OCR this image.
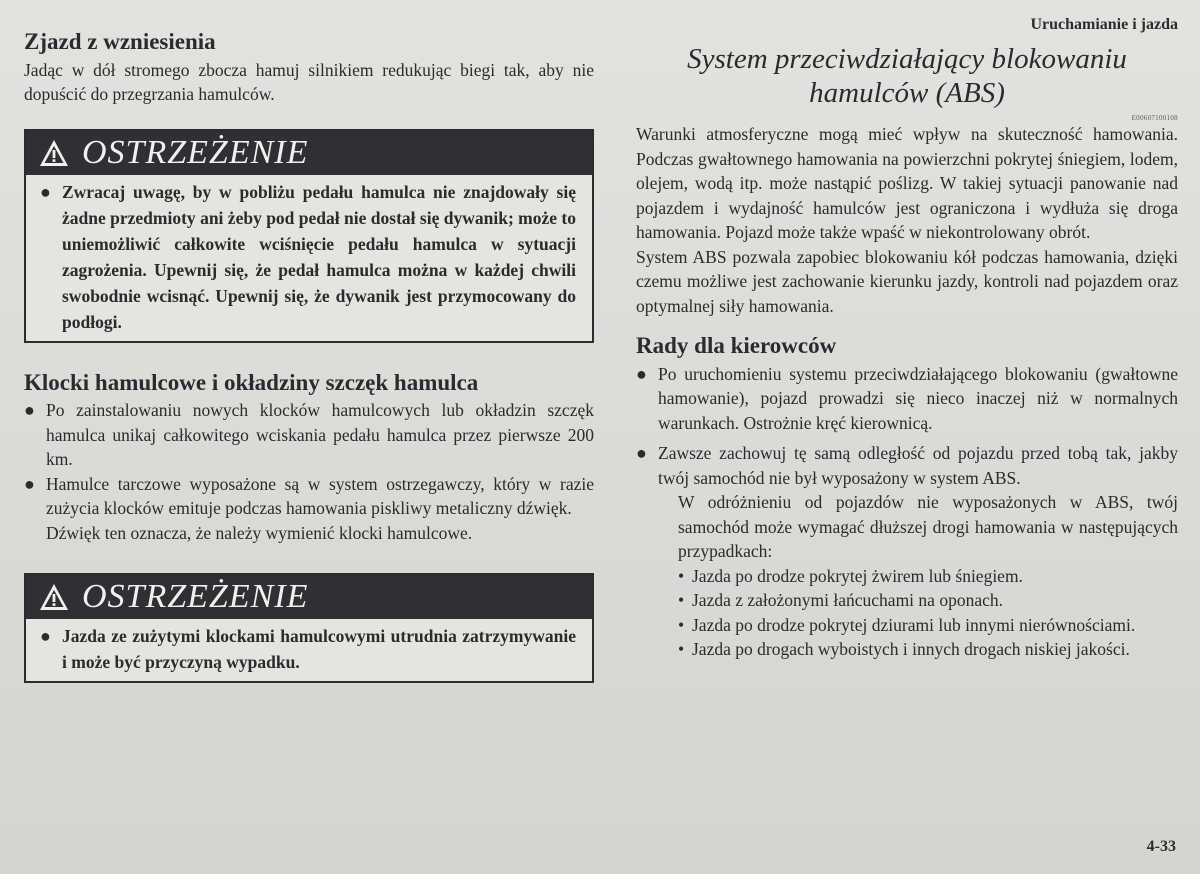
Zjazd z wzniesienia

Jadąc w dół stromego zbocza hamuj silnikiem redukując biegi tak, aby nie dopuścić do przegrzania hamulców.

OSTRZEŻENIE
● Zwracaj uwagę, by w pobliżu pedału hamulca nie znajdowały się żadne przedmioty ani żeby pod pedał nie dostał się dywanik; może to uniemożliwić całkowite wciśnięcie pedału hamulca w sytuacji zagrożenia. Upewnij się, że pedał hamulca można w każdej chwili swobodnie wcisnąć. Upewnij się, że dywanik jest przymocowany do podłogi.
Klocki hamulcowe i okładziny szczęk hamulca
● Po zainstalowaniu nowych klocków hamulcowych lub okładzin szczęk hamulca unikaj całkowitego wciskania pedału hamulca przez pierwsze 200 km.
● Hamulce tarczowe wyposażone są w system ostrzegawczy, który w razie zużycia klocków emituje podczas hamowania piskliwy metaliczny dźwięk.

Dźwięk ten oznacza, że należy wymienić klocki hamulcowe.

OSTRZEŻENIE
● Jazda ze zużytymi klockami hamulcowymi utrudnia zatrzymywanie i może być przyczyną wypadku.
Uruchamianie i jazda
System przeciwdziałający blokowaniu
hamulców (ABS)
E00607100108

Warunki atmosferyczne mogą mieć wpływ na skuteczność hamowania. Podczas gwałtownego hamowania na powierzchni pokrytej śniegiem, lodem, olejem, wodą itp. może nastąpić poślizg. W takiej sytuacji panowanie nad pojazdem i wydajność hamulców jest ograniczona i wydłuża się droga hamowania. Pojazd może także wpaść w niekontrolowany obrót.

System ABS pozwala zapobiec blokowaniu kół podczas hamowania, dzięki czemu możliwe jest zachowanie kierunku jazdy, kontroli nad pojazdem oraz optymalnej siły hamowania.

Rady dla kierowców
● Po uruchomieniu systemu przeciwdziałającego blokowaniu (gwałtowne hamowanie), pojazd prowadzi się nieco inaczej niż w normalnych warunkach. Ostrożnie kręć kierownicą.
● Zawsze zachowuj tę samą odległość od pojazdu przed tobą tak, jakby twój samochód nie był wyposażony w system ABS.

W odróżnieniu od pojazdów nie wyposażonych w ABS, twój samochód może wymagać dłuższej drogi hamowania w następujących przypadkach:

• Jazda po drodze pokrytej żwirem lub śniegiem.
• Jazda z założonymi łańcuchami na oponach.
• Jazda po drodze pokrytej dziurami lub innymi nierównościami.
• Jazda po drogach wyboistych i innych drogach niskiej jakości.
4-33
